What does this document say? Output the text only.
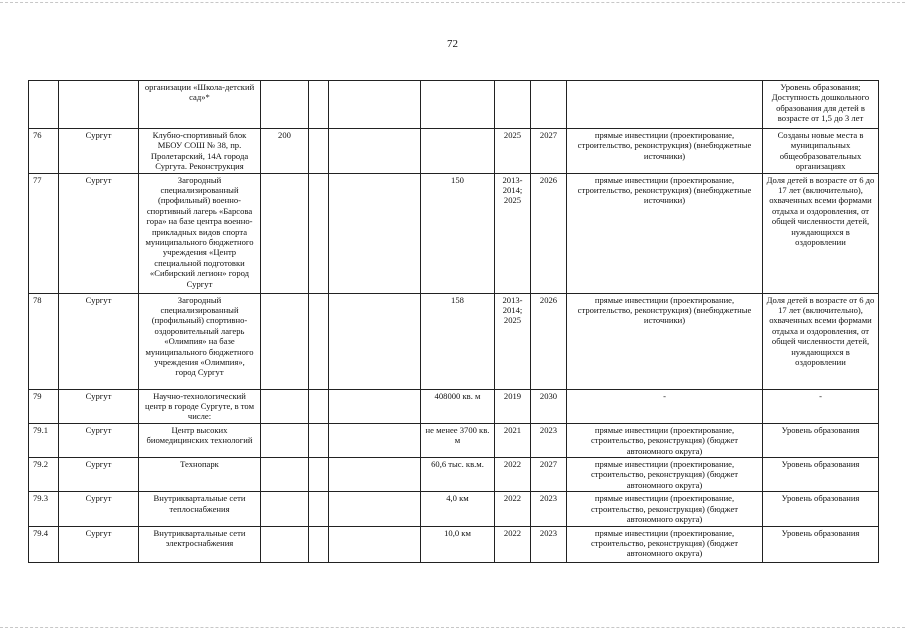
72
		организации «Школа-детский сад»*								Уровень образования; Доступность дошкольного образования для детей в возрасте от 1,5 до 3 лет
76	Сургут	Клубно-спортивный блок МБОУ СОШ № 38, пр. Пролетарский, 14А города Сургута. Реконструкция	200				2025	2027	прямые инвестиции (проектирование, строительство, реконструкция) (внебюджетные источники)	Созданы новые места в муниципальных общеобразовательных организациях
77	Сургут	Загородный специализированный (профильный) военно-спортивный лагерь «Барсова гора» на базе центра военно-прикладных видов спорта муниципального бюджетного учреждения «Центр специальной подготовки «Сибирский легион» город Сургут				150	2013-2014; 2025	2026	прямые инвестиции (проектирование, строительство, реконструкция) (внебюджетные источники)	Доля детей в возрасте от 6 до 17 лет (включительно), охваченных всеми формами отдыха и оздоровления, от общей численности детей, нуждающихся в оздоровлении
78	Сургут	Загородный специализированный (профильный) спортивно-оздоровительный лагерь «Олимпия» на базе муниципального бюджетного учреждения «Олимпия», город Сургут				158	2013-2014; 2025	2026	прямые инвестиции (проектирование, строительство, реконструкция) (внебюджетные источники)	Доля детей в возрасте от 6 до 17 лет (включительно), охваченных всеми формами отдыха и оздоровления, от общей численности детей, нуждающихся в оздоровлении
79	Сургут	Научно-технологический центр в городе Сургуте, в том числе:				408000 кв. м	2019	2030	-	-
79.1	Сургут	Центр высоких биомедицинских технологий				не менее 3700 кв. м	2021	2023	прямые инвестиции (проектирование, строительство, реконструкция) (бюджет автономного округа)	Уровень образования
79.2	Сургут	Технопарк				60,6 тыс. кв.м.	2022	2027	прямые инвестиции (проектирование, строительство, реконструкция) (бюджет автономного округа)	Уровень образования
79.3	Сургут	Внутриквартальные сети теплоснабжения				4,0 км	2022	2023	прямые инвестиции (проектирование, строительство, реконструкция) (бюджет автономного округа)	Уровень образования
79.4	Сургут	Внутриквартальные сети электроснабжения				10,0 км	2022	2023	прямые инвестиции (проектирование, строительство, реконструкция) (бюджет автономного округа)	Уровень образования
